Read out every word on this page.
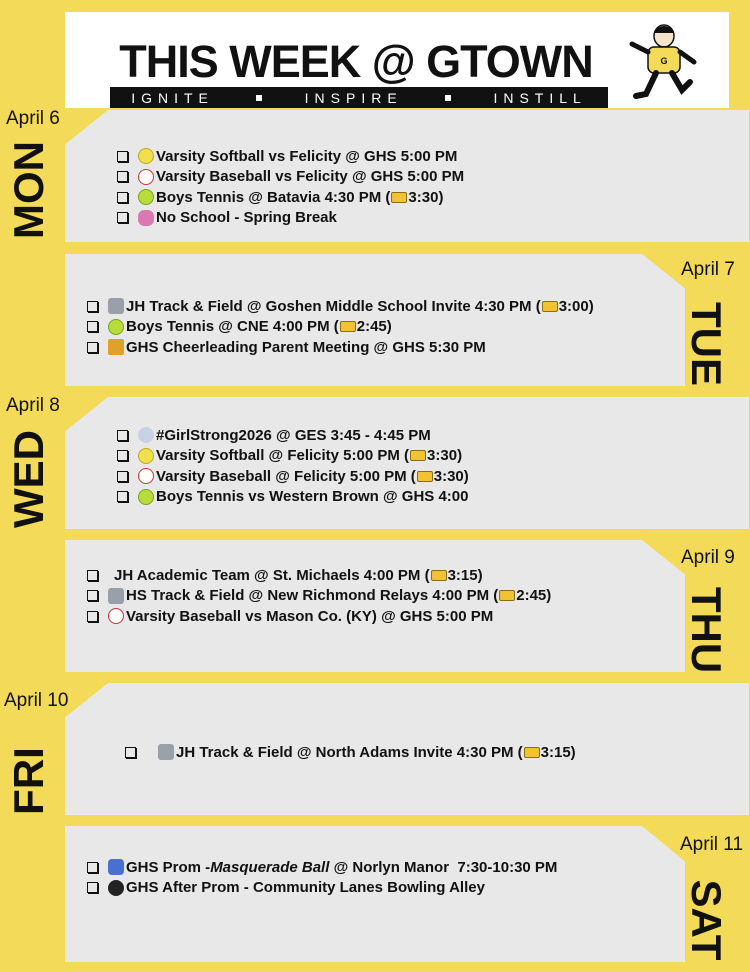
THIS WEEK @ GTOWN
IGNITE	INSPIRE	INSTILL
G
April 6
MON	Varsity Softball vs Felicity @ GHS 5:00 PM
Varsity Baseball vs Felicity @ GHS 5:00 PM
Boys Tennis @ Batavia 4:30 PM ( 3:30)
No School - Spring Break
April 7
TUE
JH Track & Field @ Goshen Middle School Invite 4:30 PM ( 3:00)
Boys Tennis @ CNE 4:00 PM ( 2:45)
GHS Cheerleading Parent Meeting @ GHS 5:30 PM
April 8
WED	#GirlStrong2026 @ GES 3:45 - 4:45 PM
Varsity Softball @ Felicity 5:00 PM ( 3:30)
Varsity Baseball @ Felicity 5:00 PM ( 3:30)
Boys Tennis vs Western Brown @ GHS 4:00
April 9
THU
JH Academic Team @ St. Michaels 4:00 PM ( 3:15)
HS Track & Field @ New Richmond Relays 4:00 PM ( 2:45)
Varsity Baseball vs Mason Co. (KY) @ GHS 5:00 PM
April 10
FRI	JH Track & Field @ North Adams Invite 4:30 PM ( 3:15)
April 11
SAT
GHS Prom - Masquerade Ball @ Norlyn Manor  7:30-10:30 PM
GHS After Prom - Community Lanes Bowling Alley
